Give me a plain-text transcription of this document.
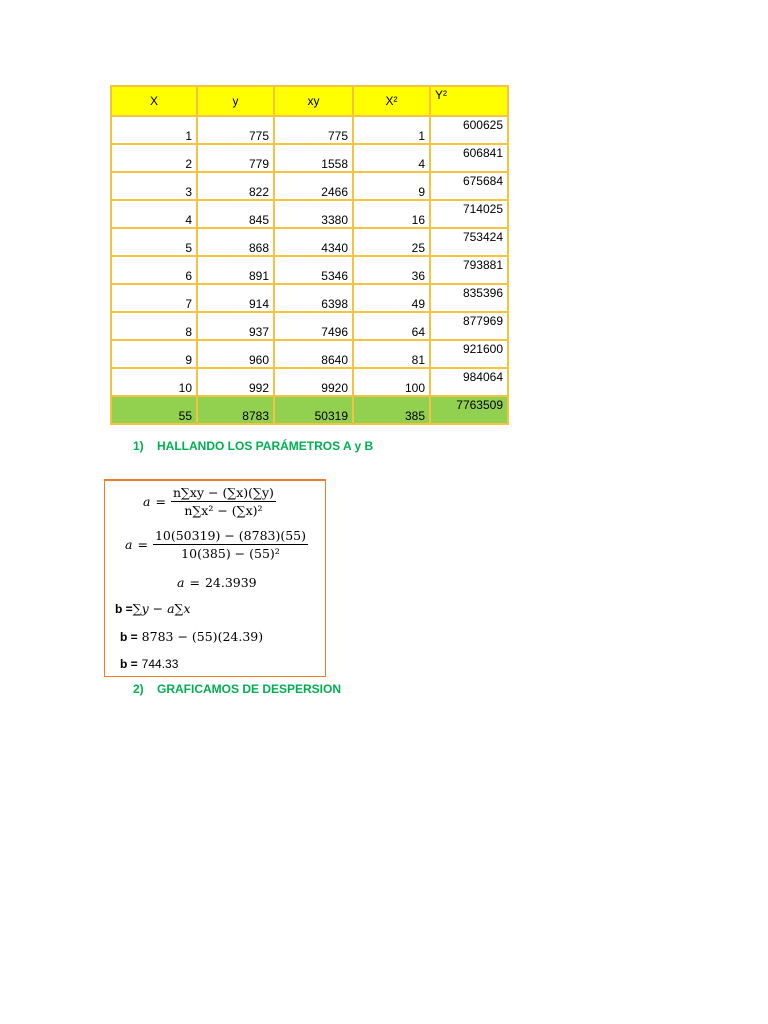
X	y	xy	X²	Y²
1	775	775	1	600625
2	779	1558	4	606841
3	822	2466	9	675684
4	845	3380	16	714025
5	868	4340	25	753424
6	891	5346	36	793881
7	914	6398	49	835396
8	937	7496	64	877969
9	960	8640	81	921600
10	992	9920	100	984064
55	8783	50319	385	7763509
1) HALLANDO LOS PARÁMETROS A y B
$a = \frac{n\sum xy - (\sum x)(\sum y)}{\text{n∑x² − (∑x)²}}$
$a = \frac{10(50319) - (8783)(55)}{\text{10(385) − (55)²}}$
a = 24.3939
b = ∑y − a∑x
b = 8783 − (55)(24.39)
b = 744.33
2) GRAFICAMOS DE DESPERSION
